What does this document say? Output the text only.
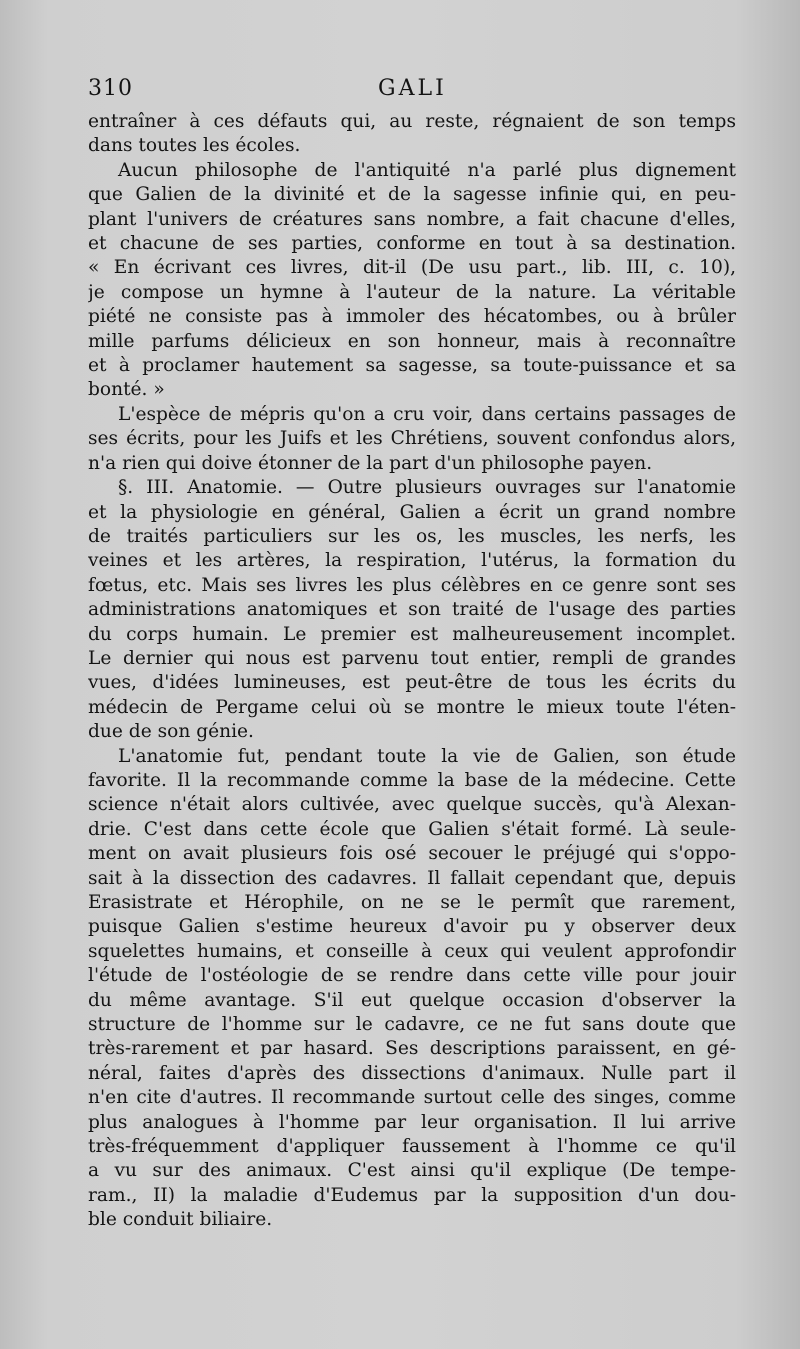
310	GALI
entraîner à ces défauts qui, au reste, régnaient de son temps
dans toutes les écoles.
Aucun philosophe de l'antiquité n'a parlé plus dignement
que Galien de la divinité et de la sagesse infinie qui, en peu-
plant l'univers de créatures sans nombre, a fait chacune d'elles,
et chacune de ses parties, conforme en tout à sa destination.
« En écrivant ces livres, dit-il (De usu part., lib. III, c. 10),
je compose un hymne à l'auteur de la nature. La véritable
piété ne consiste pas à immoler des hécatombes, ou à brûler
mille parfums délicieux en son honneur, mais à reconnaître
et à proclamer hautement sa sagesse, sa toute-puissance et sa
bonté. »
L'espèce de mépris qu'on a cru voir, dans certains passages de
ses écrits, pour les Juifs et les Chrétiens, souvent confondus alors,
n'a rien qui doive étonner de la part d'un philosophe payen.
§. III. Anatomie. — Outre plusieurs ouvrages sur l'anatomie
et la physiologie en général, Galien a écrit un grand nombre
de traités particuliers sur les os, les muscles, les nerfs, les
veines et les artères, la respiration, l'utérus, la formation du
fœtus, etc. Mais ses livres les plus célèbres en ce genre sont ses
administrations anatomiques et son traité de l'usage des parties
du corps humain. Le premier est malheureusement incomplet.
Le dernier qui nous est parvenu tout entier, rempli de grandes
vues, d'idées lumineuses, est peut-être de tous les écrits du
médecin de Pergame celui où se montre le mieux toute l'éten-
due de son génie.
L'anatomie fut, pendant toute la vie de Galien, son étude
favorite. Il la recommande comme la base de la médecine. Cette
science n'était alors cultivée, avec quelque succès, qu'à Alexan-
drie. C'est dans cette école que Galien s'était formé. Là seule-
ment on avait plusieurs fois osé secouer le préjugé qui s'oppo-
sait à la dissection des cadavres. Il fallait cependant que, depuis
Erasistrate et Hérophile, on ne se le permît que rarement,
puisque Galien s'estime heureux d'avoir pu y observer deux
squelettes humains, et conseille à ceux qui veulent approfondir
l'étude de l'ostéologie de se rendre dans cette ville pour jouir
du même avantage. S'il eut quelque occasion d'observer la
structure de l'homme sur le cadavre, ce ne fut sans doute que
très-rarement et par hasard. Ses descriptions paraissent, en gé-
néral, faites d'après des dissections d'animaux. Nulle part il
n'en cite d'autres. Il recommande surtout celle des singes, comme
plus analogues à l'homme par leur organisation. Il lui arrive
très-fréquemment d'appliquer faussement à l'homme ce qu'il
a vu sur des animaux. C'est ainsi qu'il explique (De tempe-
ram., II) la maladie d'Eudemus par la supposition d'un dou-
ble conduit biliaire.
